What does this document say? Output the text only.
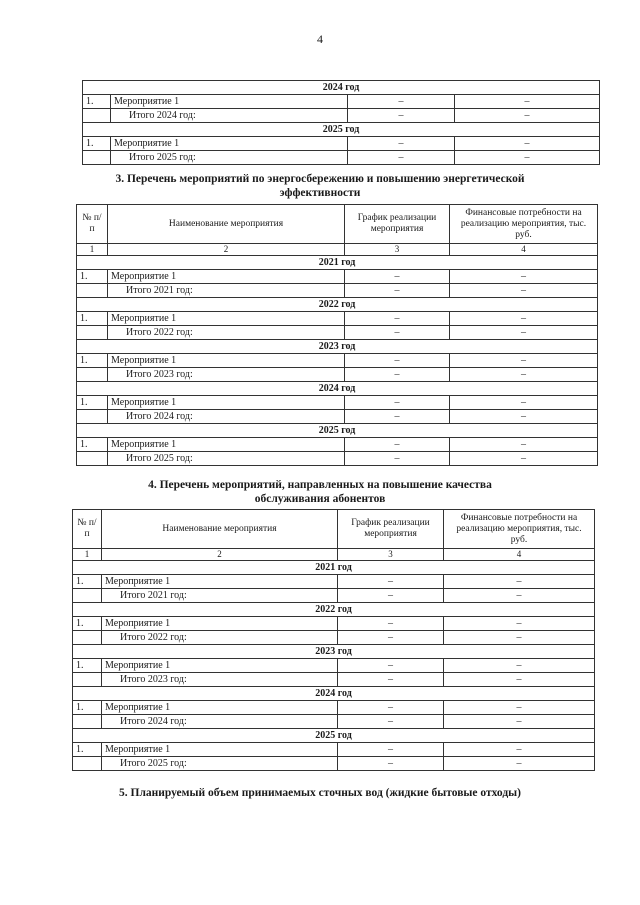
4
2024 год			
1.	Мероприятие 1	–	–
	Итого 2024 год:	–	–
2025 год			
1.	Мероприятие 1	–	–
	Итого 2025 год:	–	–
3. Перечень мероприятий по энергосбережению и повышению энергетической
эффективности
№ п/п	Наименование мероприятия	График реализации мероприятия	Финансовые потребности на реализацию мероприятия, тыс. руб.
1	2	3	4
2021 год			
1.	Мероприятие 1	–	–
	Итого 2021 год:	–	–
2022 год			
1.	Мероприятие 1	–	–
	Итого 2022 год:	–	–
2023 год			
1.	Мероприятие 1	–	–
	Итого 2023 год:	–	–
2024 год			
1.	Мероприятие 1	–	–
	Итого 2024 год:	–	–
2025 год			
1.	Мероприятие 1	–	–
	Итого 2025 год:	–	–
4. Перечень мероприятий, направленных на повышение качества
обслуживания абонентов
№ п/п	Наименование мероприятия	График реализации мероприятия	Финансовые потребности на реализацию мероприятия, тыс. руб.
1	2	3	4
2021 год			
1.	Мероприятие 1	–	–
	Итого 2021 год:	–	–
2022 год			
1.	Мероприятие 1	–	–
	Итого 2022 год:	–	–
2023 год			
1.	Мероприятие 1	–	–
	Итого 2023 год:	–	–
2024 год			
1.	Мероприятие 1	–	–
	Итого 2024 год:	–	–
2025 год			
1.	Мероприятие 1	–	–
	Итого 2025 год:	–	–
5. Планируемый объем принимаемых сточных вод (жидкие бытовые отходы)
